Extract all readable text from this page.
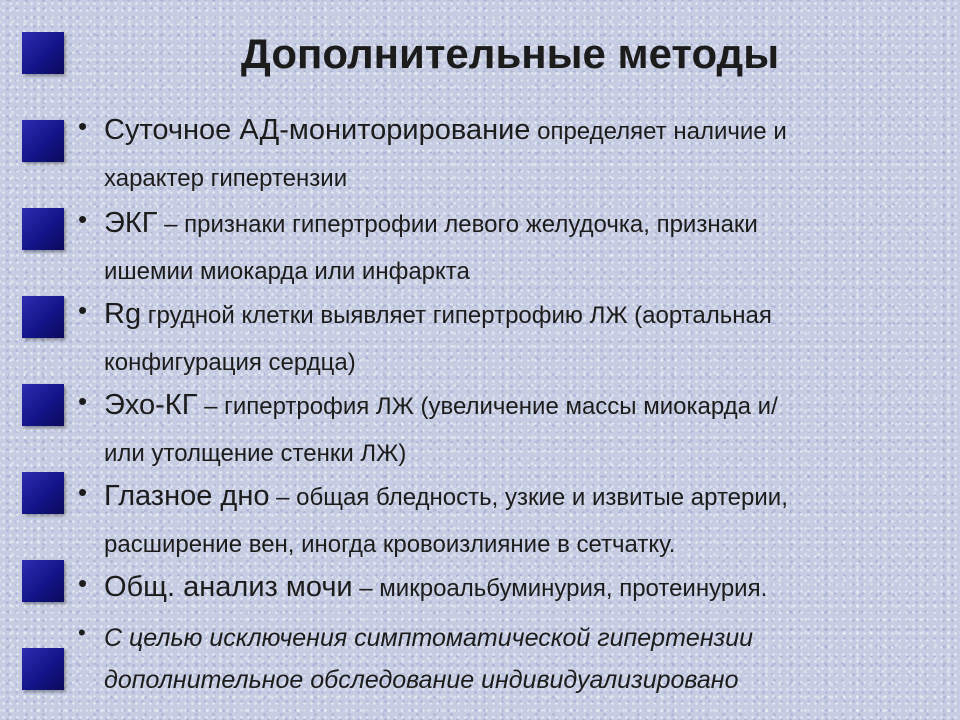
Дополнительные методы
• Суточное АД-мониторирование определяет наличие и
характер гипертензии
• ЭКГ – признаки гипертрофии левого желудочка, признаки
ишемии миокарда или инфаркта
• Rg грудной клетки выявляет гипертрофию ЛЖ (аортальная
конфигурация сердца)
• Эхо-КГ – гипертрофия ЛЖ (увеличение массы миокарда и/
или утолщение стенки ЛЖ)
• Глазное дно – общая бледность, узкие и извитые артерии,
расширение вен, иногда кровоизлияние в сетчатку.
• Общ. анализ мочи – микроальбуминурия, протеинурия.
• С целью исключения симптоматической гипертензии
дополнительное обследование индивидуализировано
